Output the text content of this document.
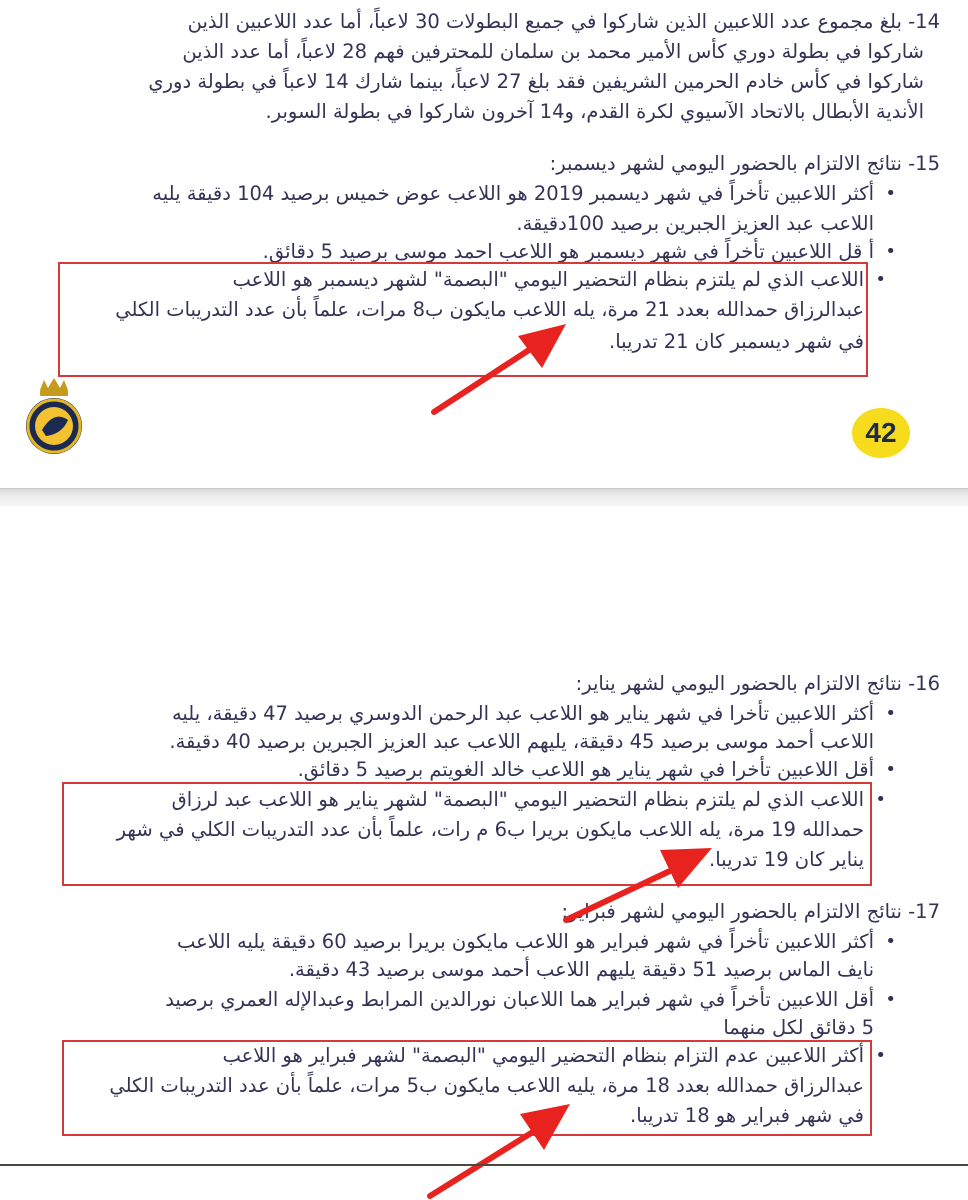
14- بلغ مجموع عدد اللاعبين الذين شاركوا في جميع البطولات 30 لاعباً، أما عدد اللاعبين الذين
شاركوا في بطولة دوري كأس الأمير محمد بن سلمان للمحترفين فهم 28 لاعباً، أما عدد الذين
شاركوا في كأس خادم الحرمين الشريفين فقد بلغ 27 لاعباً، بينما شارك 14 لاعباً في بطولة دوري
الأندية الأبطال بالاتحاد الآسيوي لكرة القدم، و14 آخرون شاركوا في بطولة السوبر.
15- نتائج الالتزام بالحضور اليومي لشهر ديسمبر:
• أكثر اللاعبين تأخراً في شهر ديسمبر 2019 هو اللاعب عوض خميس برصيد 104 دقيقة يليه
اللاعب عبد العزيز الجبرين برصيد 100دقيقة.
• أ قل اللاعبين تأخراً في شهر ديسمبر هو اللاعب احمد موسى برصيد 5 دقائق.
• اللاعب الذي لم يلتزم بنظام التحضير اليومي "البصمة" لشهر ديسمبر هو اللاعب
عبدالرزاق حمدالله بعدد 21 مرة، يله اللاعب مايكون ب8 مرات، علماً بأن عدد التدريبات الكلي
في شهر ديسمبر كان 21 تدريبا.
42
16- نتائج الالتزام بالحضور اليومي لشهر يناير:
• أكثر اللاعبين تأخرا في شهر يناير هو اللاعب عبد الرحمن الدوسري برصيد 47 دقيقة، يليه
اللاعب أحمد موسى برصيد 45 دقيقة، يليهم اللاعب عبد العزيز الجبرين برصيد 40 دقيقة.
• أقل اللاعبين تأخرا في شهر يناير هو اللاعب خالد الغويتم برصيد 5 دقائق.
• اللاعب الذي لم يلتزم بنظام التحضير اليومي "البصمة" لشهر يناير هو اللاعب عبد لرزاق
حمدالله 19 مرة، يله اللاعب مايكون بريرا ب6 م رات، علماً بأن عدد التدريبات الكلي في شهر
يناير كان 19 تدريبا.
17- نتائج الالتزام بالحضور اليومي لشهر فبراير:
• أكثر اللاعبين تأخراً في شهر فبراير هو اللاعب مايكون بريرا برصيد 60 دقيقة يليه اللاعب
نايف الماس برصيد 51 دقيقة يليهم اللاعب أحمد موسى برصيد 43 دقيقة.
• أقل اللاعبين تأخراً في شهر فبراير هما اللاعبان نورالدين المرابط وعبدالإله العمري برصيد
5 دقائق لكل منهما
• أكثر اللاعبين عدم التزام بنظام التحضير اليومي "البصمة" لشهر فبراير هو اللاعب
عبدالرزاق حمدالله بعدد 18 مرة، يليه اللاعب مايكون ب5 مرات، علماً بأن عدد التدريبات الكلي
في شهر فبراير هو 18 تدريبا.
